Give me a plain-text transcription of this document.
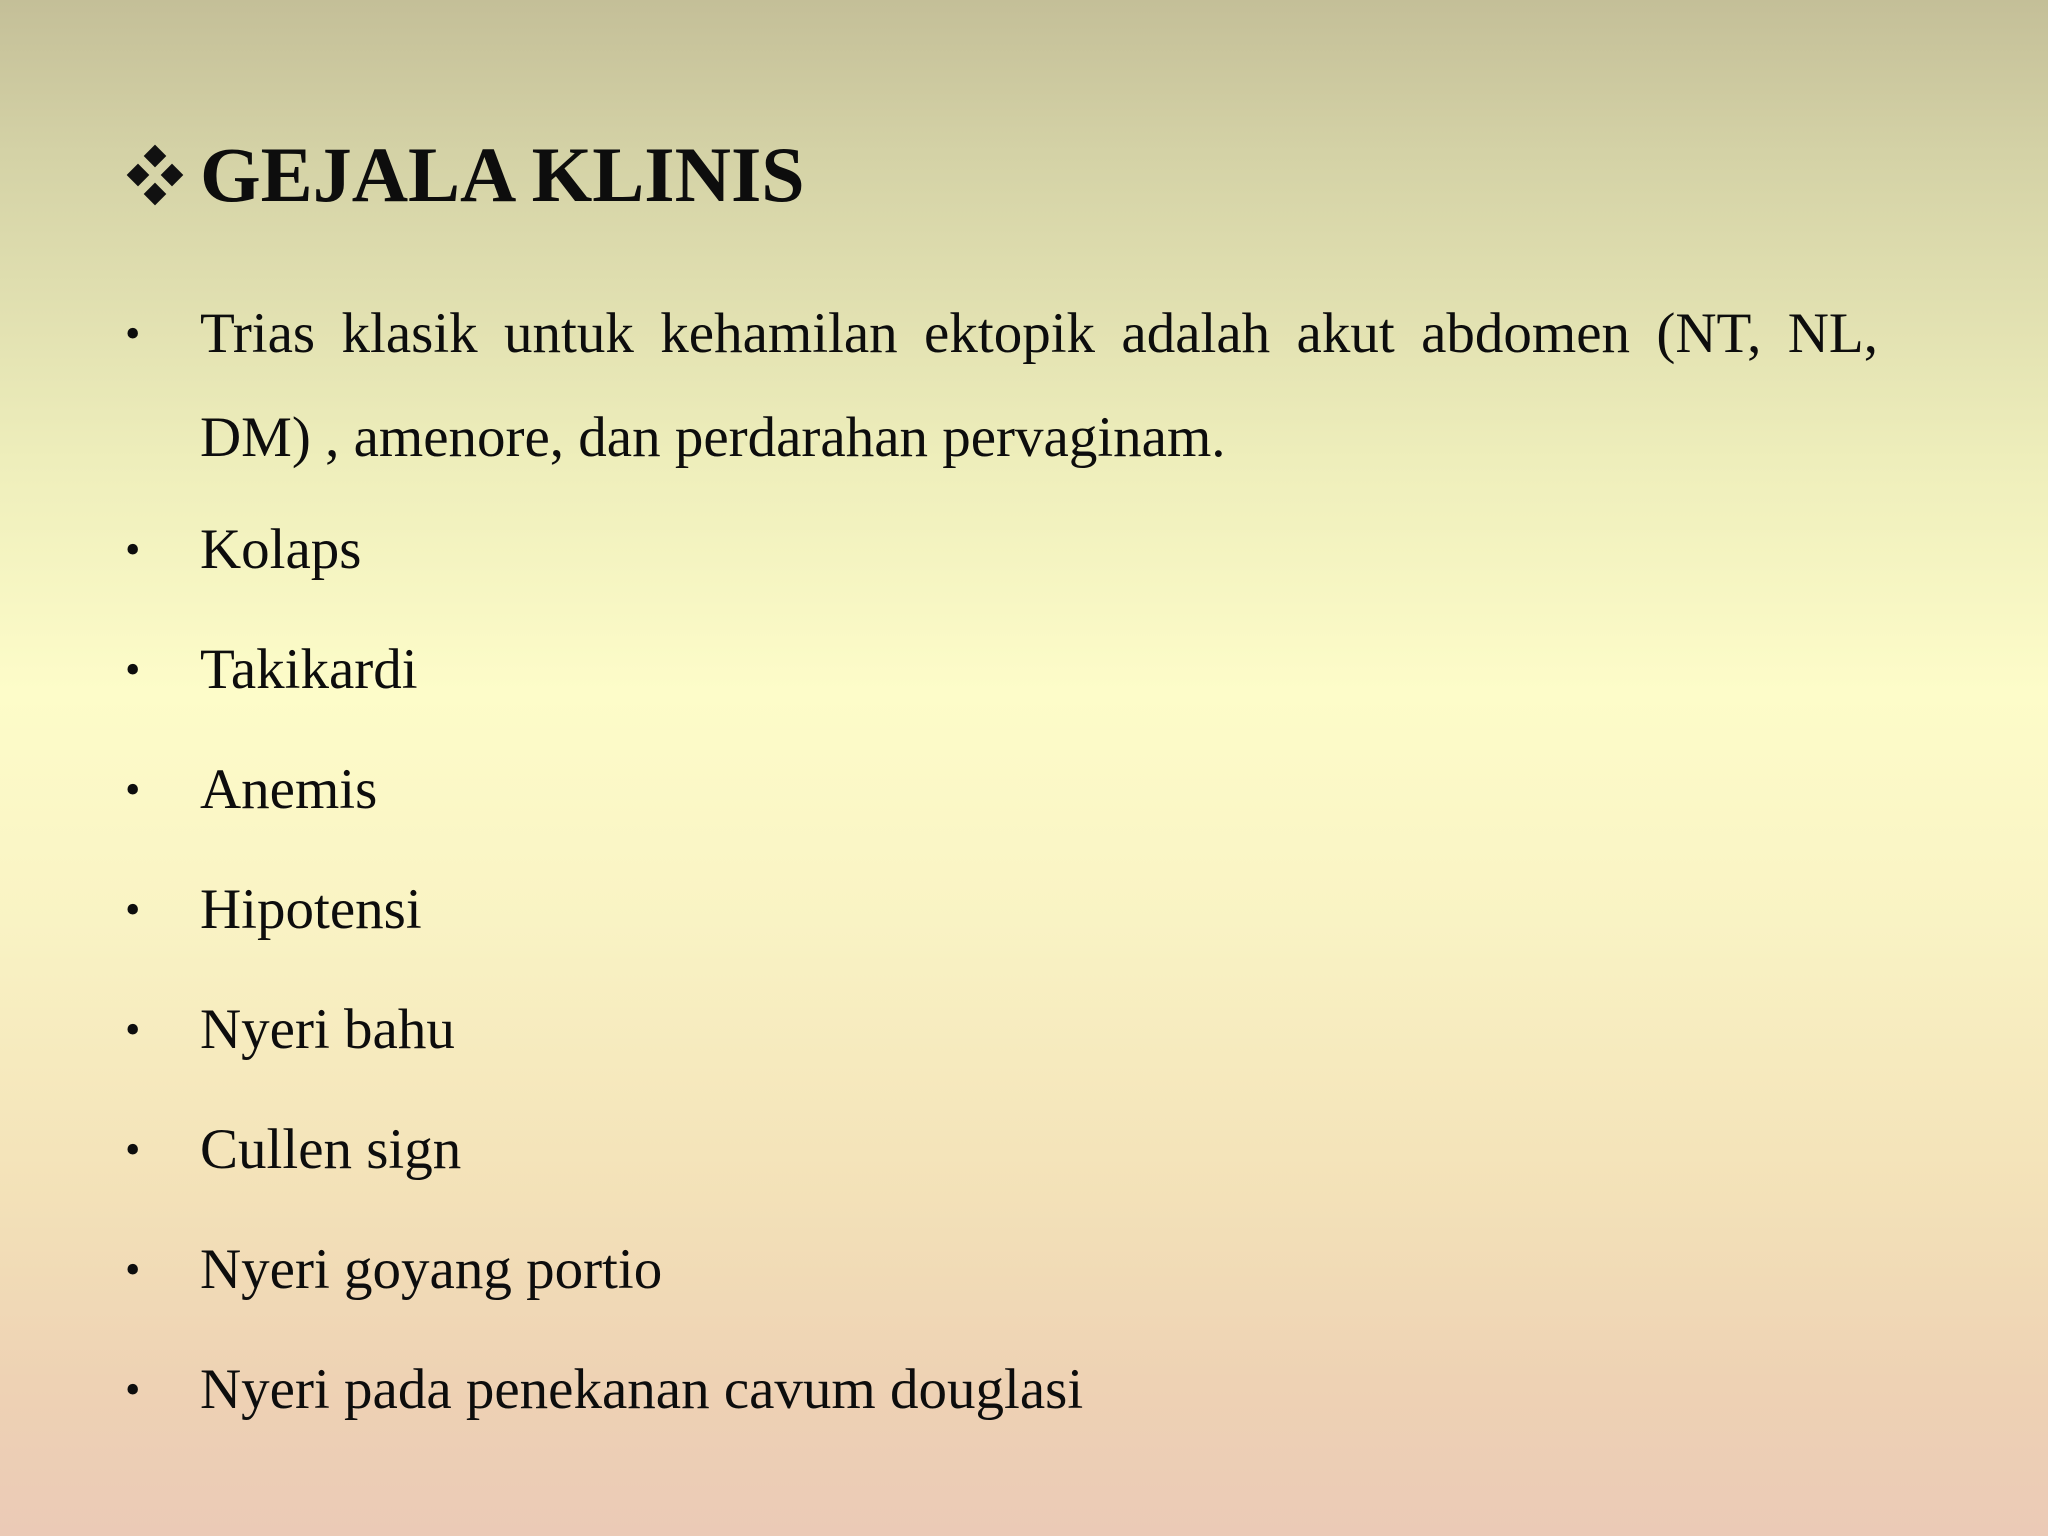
GEJALA KLINIS
• Trias klasik untuk kehamilan ektopik adalah akut abdomen (NT, NL, DM) , amenore, dan perdarahan pervaginam.
• Kolaps
• Takikardi
• Anemis
• Hipotensi
• Nyeri bahu
• Cullen sign
• Nyeri goyang portio
• Nyeri pada penekanan cavum douglasi
